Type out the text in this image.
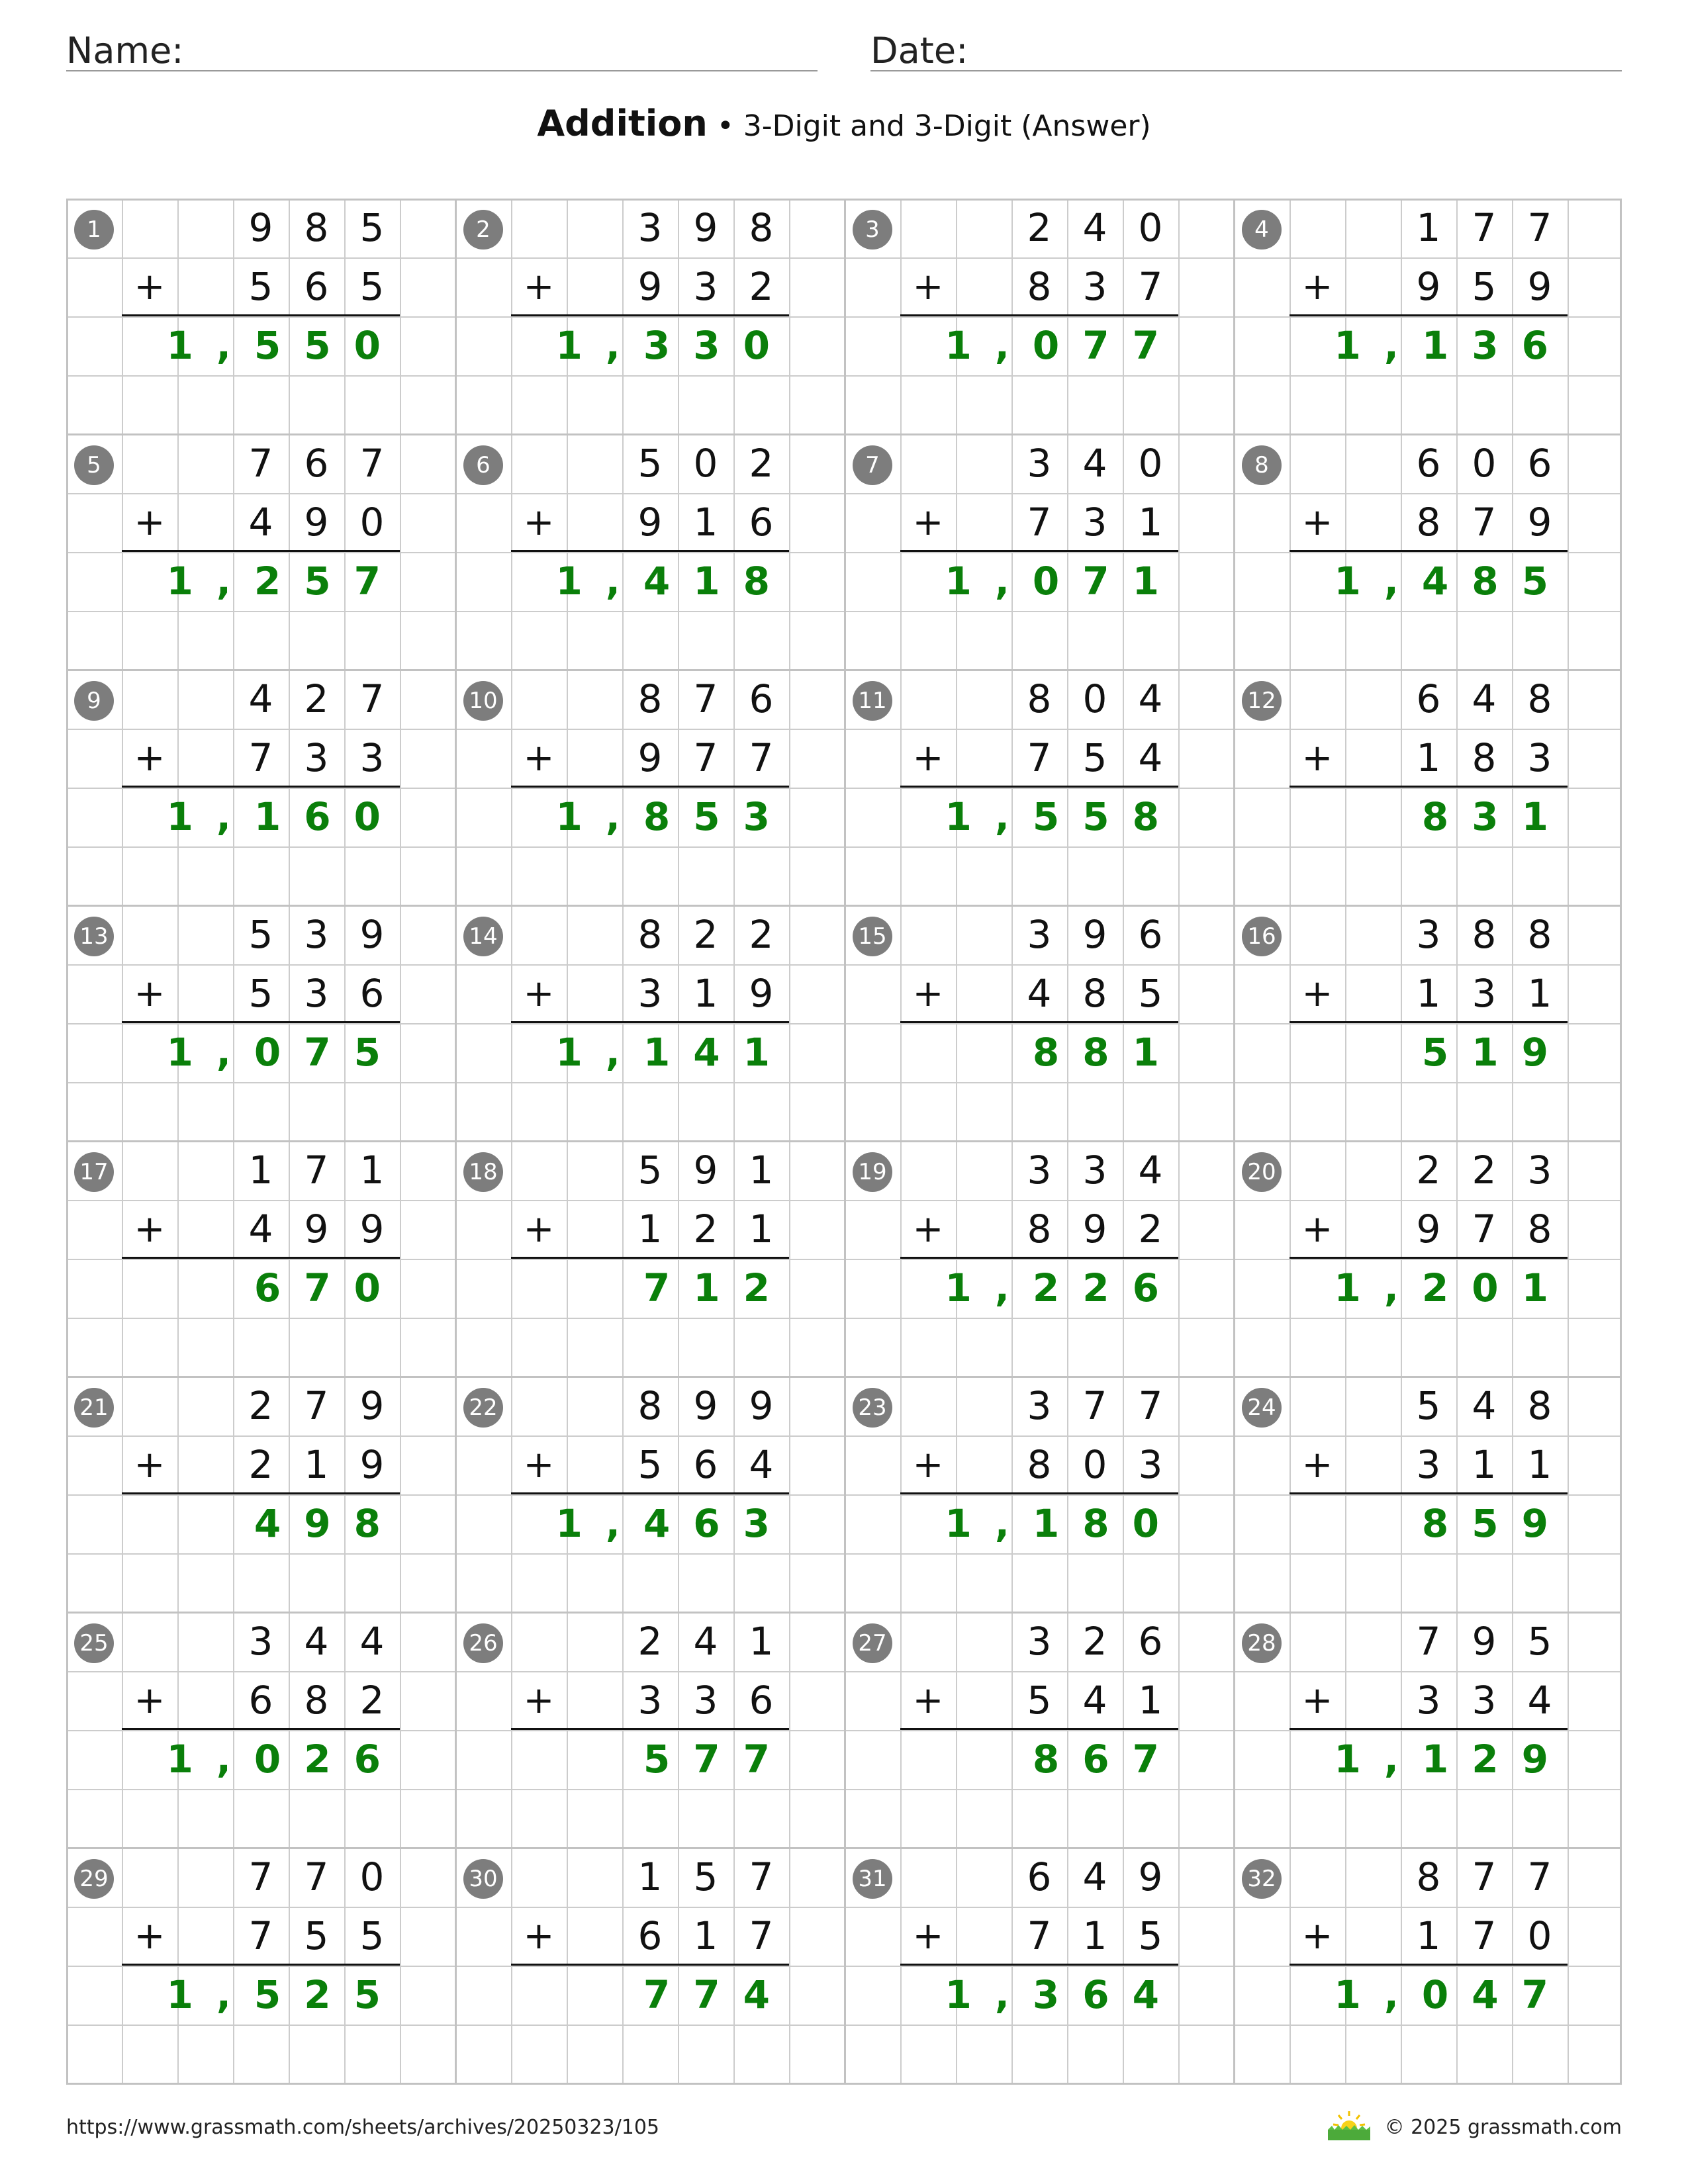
Name:	Date:
Addition • 3-Digit and 3-Digit (Answer)
1	9 8 5
5 6 5
+
1,550
2	3 9 8
9 3 2
+
1,330
3	2 4 0
8 3 7
+
1,077
4	1 7 7
9 5 9
+
1,136
5	7 6 7
4 9 0
+
1,257
6	5 0 2
9 1 6
+
1,418
7	3 4 0
7 3 1
+
1,071
8	6 0 6
8 7 9
+
1,485
9	4 2 7
7 3 3
+
1,160
10	8 7 6
9 7 7
+
1,853
11	8 0 4
7 5 4
+
1,558
12	6 4 8
1 8 3
+
831
13	5 3 9
5 3 6
+
1,075
14	8 2 2
3 1 9
+
1,141
15	3 9 6
4 8 5
+
881
16	3 8 8
1 3 1
+
519
17	1 7 1
4 9 9
+
670
18	5 9 1
1 2 1
+
712
19	3 3 4
8 9 2
+
1,226
20	2 2 3
9 7 8
+
1,201
21	2 7 9
2 1 9
+
498
22	8 9 9
5 6 4
+
1,463
23	3 7 7
8 0 3
+
1,180
24	5 4 8
3 1 1
+
859
25	3 4 4
6 8 2
+
1,026
26	2 4 1
3 3 6
+
577
27	3 2 6
5 4 1
+
867
28	7 9 5
3 3 4
+
1,129
29	7 7 0
7 5 5
+
1,525
30	1 5 7
6 1 7
+
774
31	6 4 9
7 1 5
+
1,364
32	8 7 7
1 7 0
+
1,047
https://www.grassmath.com/sheets/archives/20250323/105	© 2025 grassmath.com
